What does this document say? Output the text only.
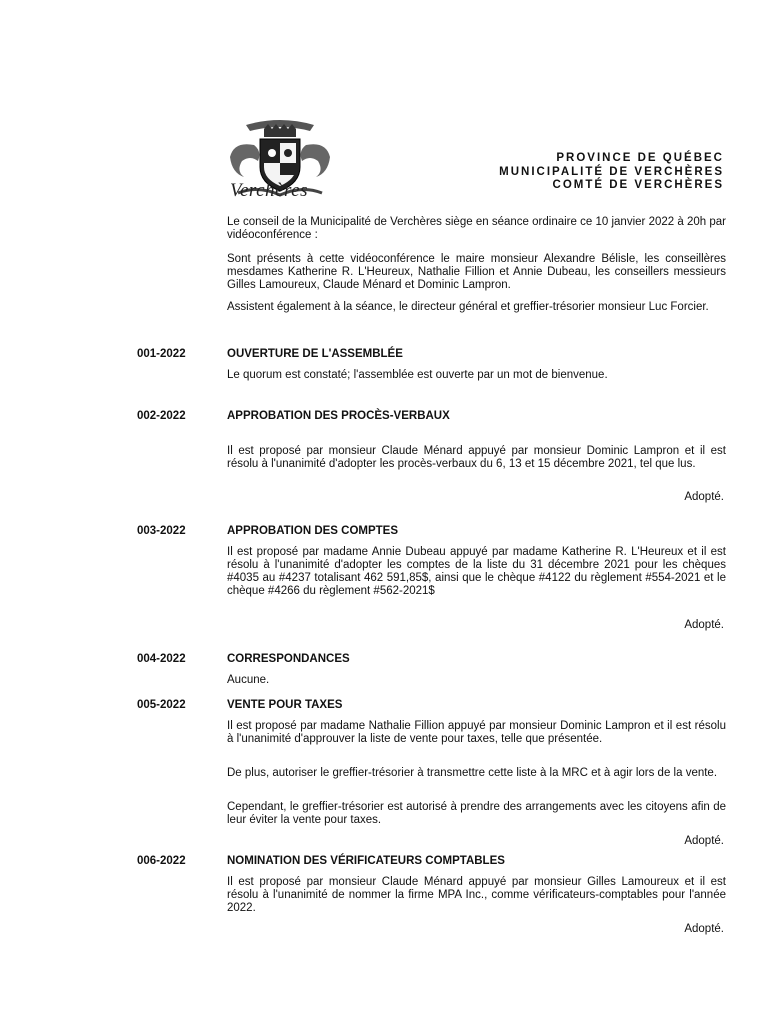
Verchères
PROVINCE DE QUÉBEC
MUNICIPALITÉ DE VERCHÈRES
COMTÉ DE VERCHÈRES
Le conseil de la Municipalité de Verchères siège en séance ordinaire ce 10 janvier 2022 à 20h par vidéoconférence :
Sont présents à cette vidéoconférence le maire monsieur Alexandre Bélisle, les conseillères mesdames Katherine R. L'Heureux, Nathalie Fillion et Annie Dubeau, les conseillers messieurs Gilles Lamoureux, Claude Ménard et Dominic Lampron.
Assistent également à la séance, le directeur général et greffier-trésorier monsieur Luc Forcier.
001-2022	OUVERTURE DE L'ASSEMBLÉE
Le quorum est constaté; l'assemblée est ouverte par un mot de bienvenue.
002-2022	APPROBATION DES PROCÈS-VERBAUX
Il est proposé par monsieur Claude Ménard appuyé par monsieur Dominic Lampron et il est résolu à l'unanimité d'adopter les procès-verbaux du 6, 13 et 15 décembre 2021, tel que lus.
Adopté.
003-2022	APPROBATION DES COMPTES
Il est proposé par madame Annie Dubeau appuyé par madame Katherine R. L'Heureux et il est résolu à l'unanimité d'adopter les comptes de la liste du 31 décembre 2021 pour les chèques #4035 au #4237 totalisant 462 591,85$, ainsi que le chèque #4122 du règlement #554-2021 et le chèque #4266 du règlement #562-2021$
Adopté.
004-2022	CORRESPONDANCES
Aucune.
005-2022	VENTE POUR TAXES
Il est proposé par madame Nathalie Fillion appuyé par monsieur Dominic Lampron et il est résolu à l'unanimité d'approuver la liste de vente pour taxes, telle que présentée.
De plus, autoriser le greffier-trésorier à transmettre cette liste à la MRC et à agir lors de la vente.
Cependant, le greffier-trésorier est autorisé à prendre des arrangements avec les citoyens afin de leur éviter la vente pour taxes.
Adopté.
006-2022	NOMINATION DES VÉRIFICATEURS COMPTABLES
Il est proposé par monsieur Claude Ménard appuyé par monsieur Gilles Lamoureux et il est résolu à l'unanimité de nommer la firme MPA Inc., comme vérificateurs-comptables pour l'année 2022.
Adopté.
